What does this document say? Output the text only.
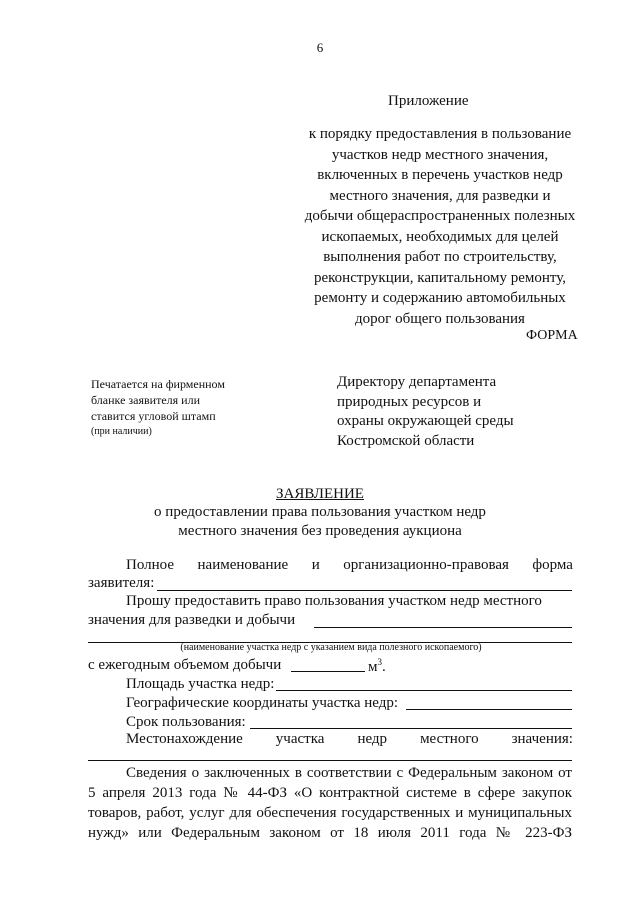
6
Приложение
к порядку предоставления в пользование
участков недр местного значения,
включенных в перечень участков недр
местного значения, для разведки и
добычи общераспространенных полезных
ископаемых, необходимых для целей
выполнения работ по строительству,
реконструкции, капитальному ремонту,
ремонту и содержанию автомобильных
дорог общего пользования
ФОРМА
Печатается на фирменном
бланке заявителя или
ставится угловой штамп
(при наличии)
Директору департамента
природных ресурсов и
охраны окружающей среды
Костромской области
ЗАЯВЛЕНИЕ
о предоставлении права пользования участком недр
местного значения без проведения аукциона
Полное наименование и организационно-правовая форма
заявителя:
Прошу предоставить право пользования участком недр местного
значения для разведки и добычи
(наименование участка недр с указанием вида полезного ископаемого)
с ежегодным объемом добычи	$м^3$.
Площадь участка недр:
Географические координаты участка недр:
Срок пользования:
Местонахождение участка недр местного значения:
Сведения о заключенных в соответствии с Федеральным законом от
5 апреля 2013 года № 44-ФЗ «О контрактной системе в сфере закупок
товаров, работ, услуг для обеспечения государственных и муниципальных
нужд» или Федеральным законом от 18 июля 2011 года № 223-ФЗ
